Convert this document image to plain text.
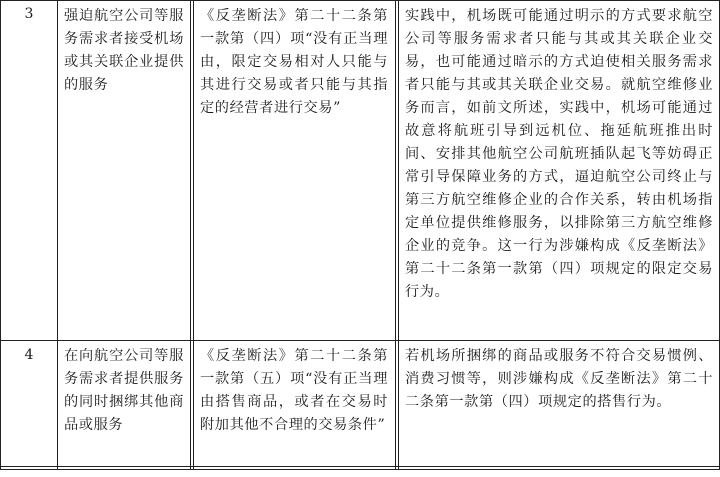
3	强迫航空公司等服务需求者接受机场或其关联企业提供的服务
《反垄断法》第二十二条第一款第（四）项“没有正当理由，限定交易相对人只能与其进行交易或者只能与其指定的经营者进行交易”
实践中，机场既可能通过明示的方式要求航空公司等服务需求者只能与其或其关联企业交易，也可能通过暗示的方式迫使相关服务需求者只能与其或其关联企业交易。就航空维修业务而言，如前文所述，实践中，机场可能通过故意将航班引导到远机位、拖延航班推出时间、安排其他航空公司航班插队起飞等妨碍正常引导保障业务的方式，逼迫航空公司终止与第三方航空维修企业的合作关系，转由机场指定单位提供维修服务，以排除第三方航空维修企业的竞争。这一行为涉嫌构成《反垄断法》第二十二条第一款第（四）项规定的限定交易行为。
4	在向航空公司等服务需求者提供服务的同时捆绑其他商品或服务
《反垄断法》第二十二条第一款第（五）项“没有正当理由搭售商品，或者在交易时附加其他不合理的交易条件”
若机场所捆绑的商品或服务不符合交易惯例、消费习惯等，则涉嫌构成《反垄断法》第二十二条第一款第（四）项规定的搭售行为。
